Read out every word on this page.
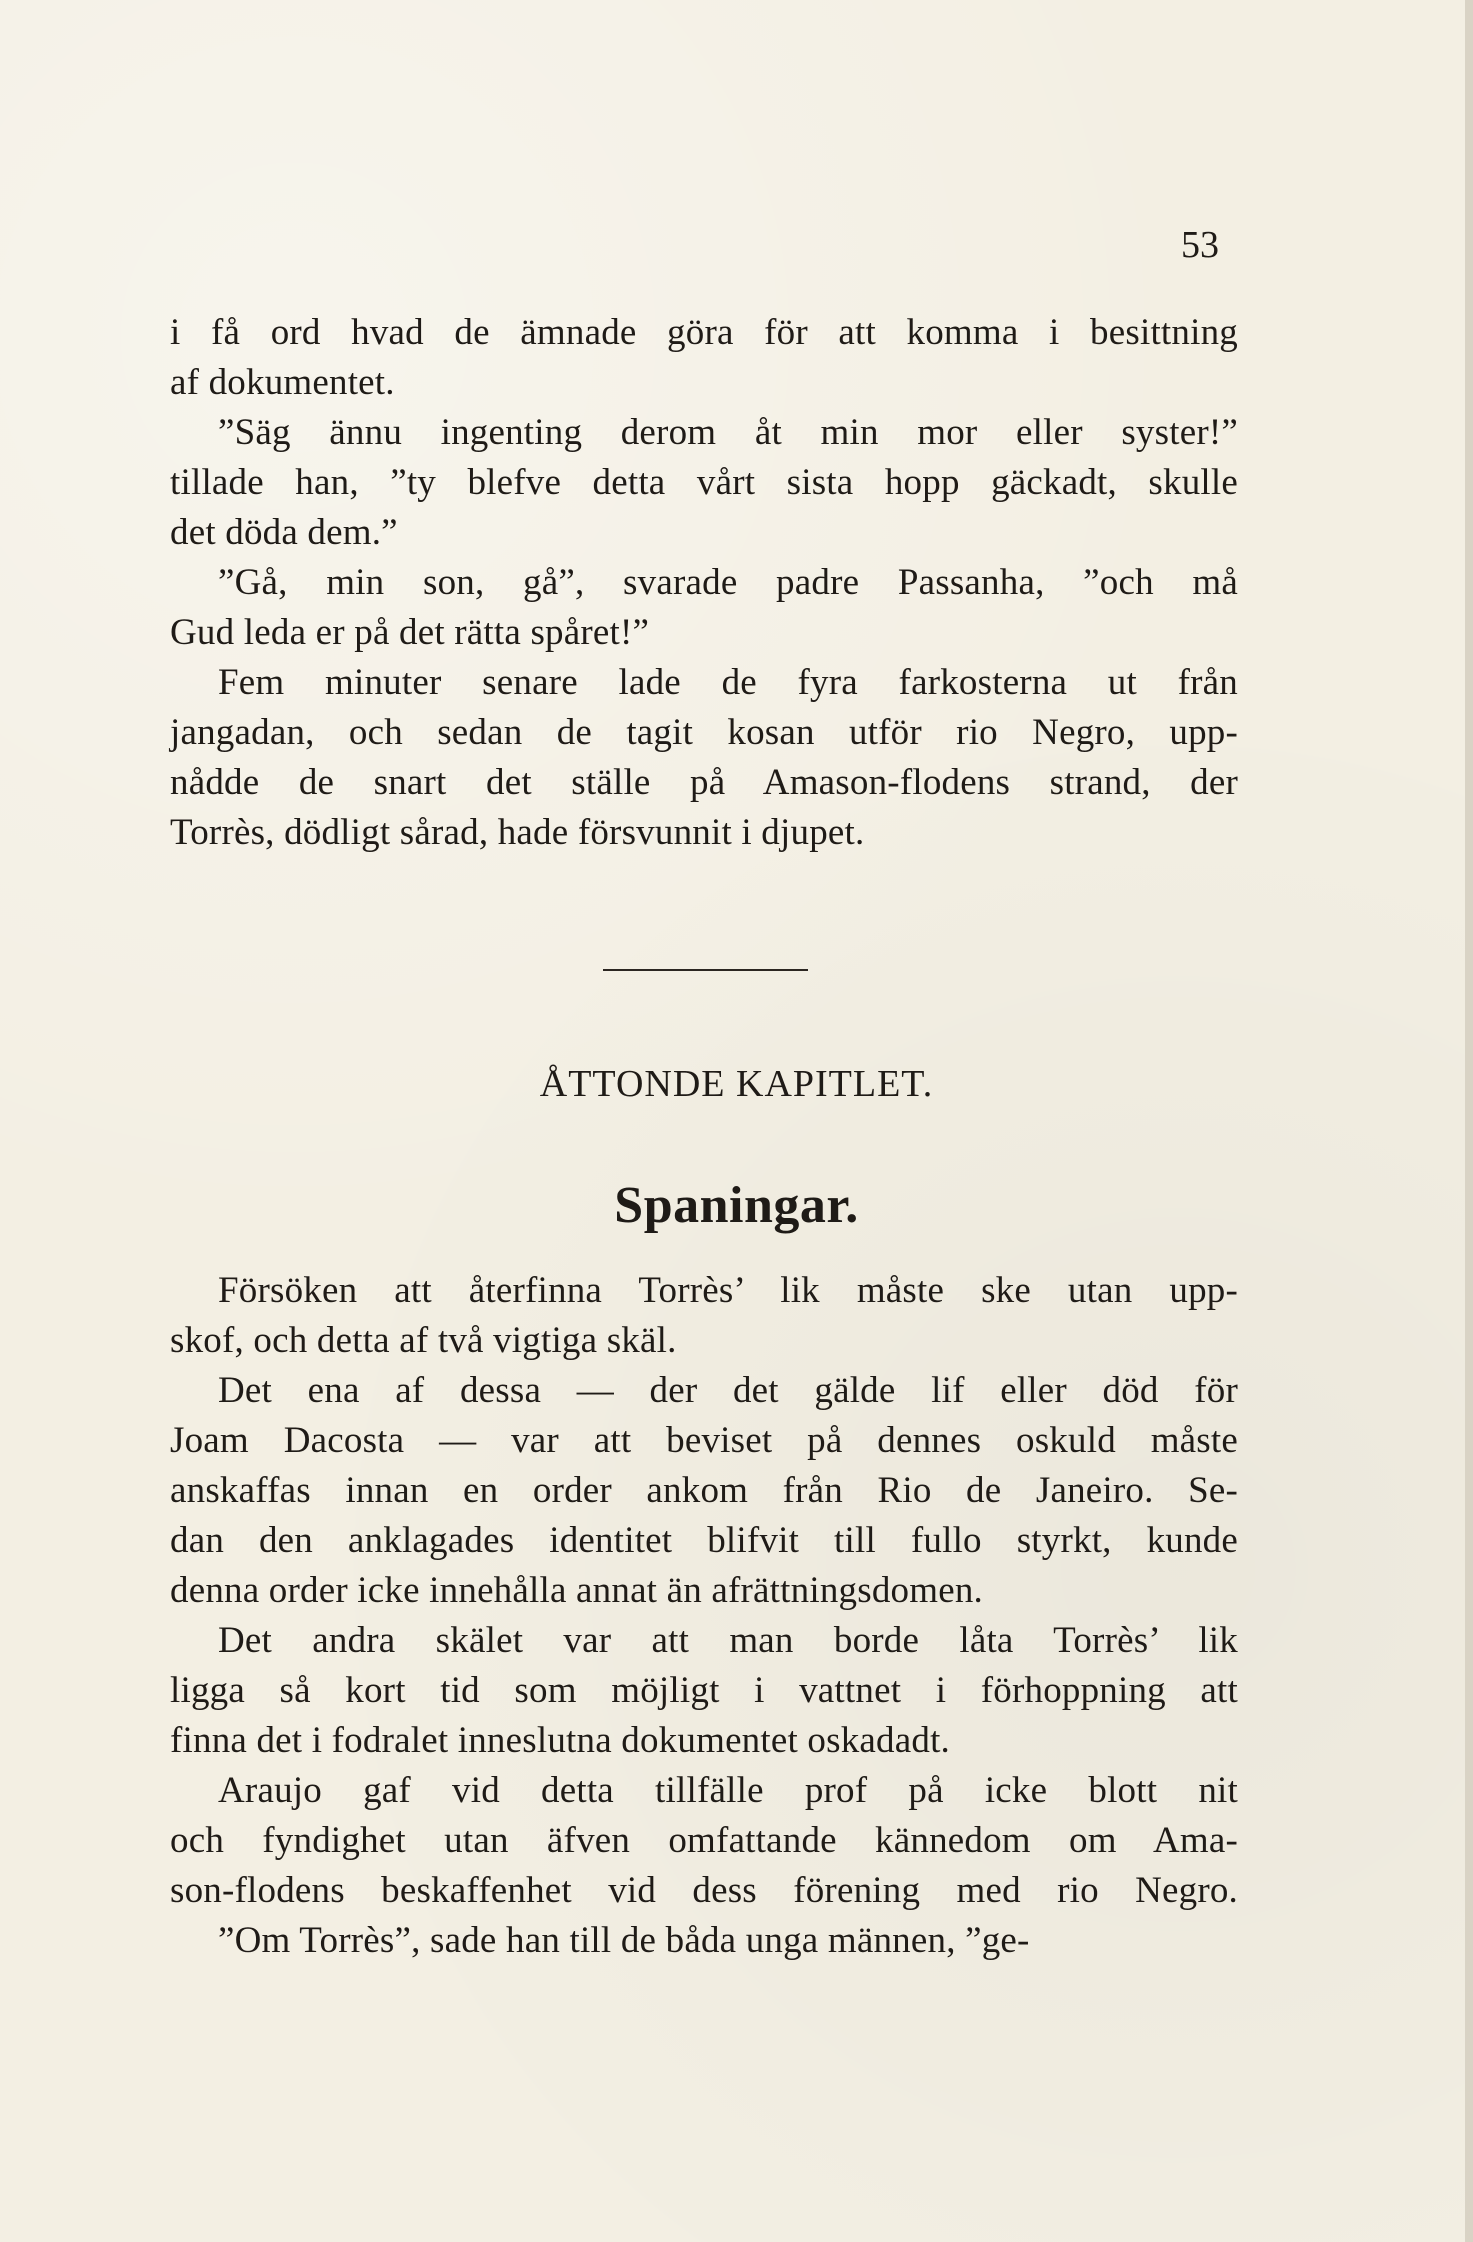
53
i få ord hvad de ämnade göra för att komma i besittning
af dokumentet.
”Säg ännu ingenting derom åt min mor eller syster!”
tillade han, ”ty blefve detta vårt sista hopp gäckadt, skulle
det döda dem.”
”Gå, min son, gå”, svarade padre Passanha, ”och må
Gud leda er på det rätta spåret!”
Fem minuter senare lade de fyra farkosterna ut från
jangadan, och sedan de tagit kosan utför rio Negro, upp-
nådde de snart det ställe på Amason-flodens strand, der
Torrès, dödligt sårad, hade försvunnit i djupet.
ÅTTONDE KAPITLET.
Spaningar.
Försöken att återfinna Torrès’ lik måste ske utan upp-
skof, och detta af två vigtiga skäl.
Det ena af dessa — der det gälde lif eller död för
Joam Dacosta — var att beviset på dennes oskuld måste
anskaffas innan en order ankom från Rio de Janeiro. Se-
dan den anklagades identitet blifvit till fullo styrkt, kunde
denna order icke innehålla annat än afrättningsdomen.
Det andra skälet var att man borde låta Torrès’ lik
ligga så kort tid som möjligt i vattnet i förhoppning att
finna det i fodralet inneslutna dokumentet oskadadt.
Araujo gaf vid detta tillfälle prof på icke blott nit
och fyndighet utan äfven omfattande kännedom om Ama-
son-flodens beskaffenhet vid dess förening med rio Negro.
”Om Torrès”, sade han till de båda unga männen, ”ge-
